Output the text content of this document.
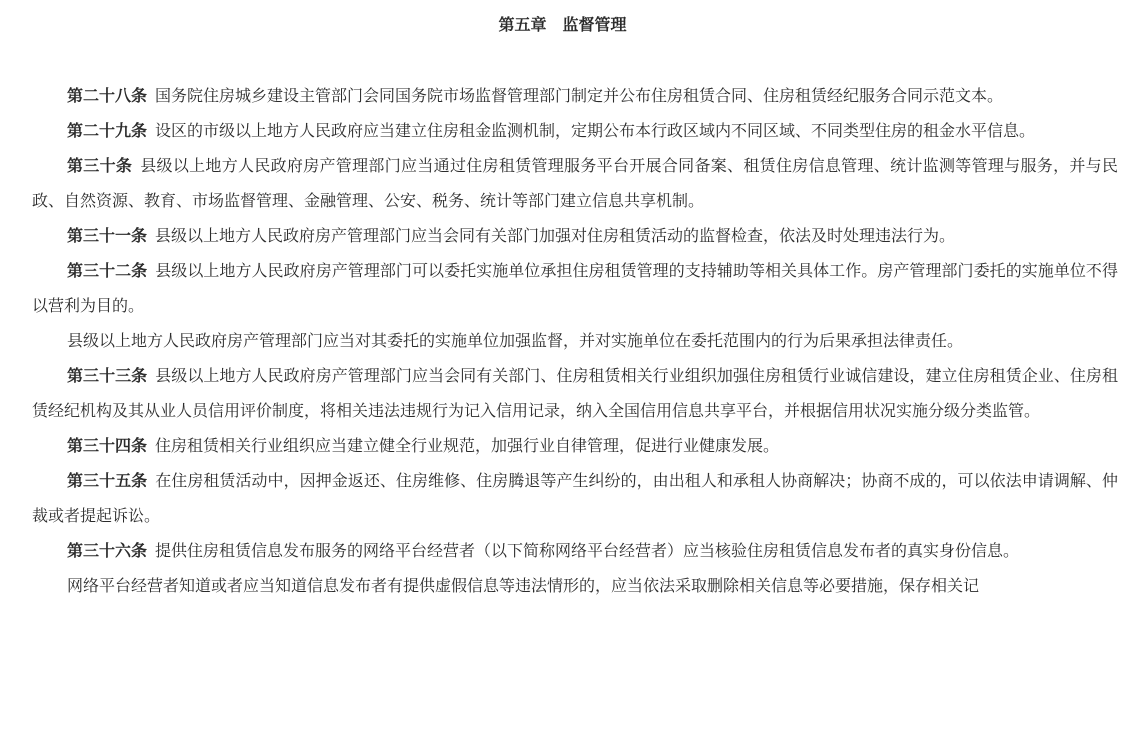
第五章　监督管理

第二十八条 国务院住房城乡建设主管部门会同国务院市场监督管理部门制定并公布住房租赁合同、住房租赁经纪服务合同示范文本。

第二十九条 设区的市级以上地方人民政府应当建立住房租金监测机制，定期公布本行政区域内不同区域、不同类型住房的租金水平信息。

第三十条 县级以上地方人民政府房产管理部门应当通过住房租赁管理服务平台开展合同备案、租赁住房信息管理、统计监测等管理与服务，并与民政、自然资源、教育、市场监督管理、金融管理、公安、税务、统计等部门建立信息共享机制。

第三十一条 县级以上地方人民政府房产管理部门应当会同有关部门加强对住房租赁活动的监督检查，依法及时处理违法行为。

第三十二条 县级以上地方人民政府房产管理部门可以委托实施单位承担住房租赁管理的支持辅助等相关具体工作。房产管理部门委托的实施单位不得以营利为目的。

县级以上地方人民政府房产管理部门应当对其委托的实施单位加强监督，并对实施单位在委托范围内的行为后果承担法律责任。

第三十三条 县级以上地方人民政府房产管理部门应当会同有关部门、住房租赁相关行业组织加强住房租赁行业诚信建设，建立住房租赁企业、住房租赁经纪机构及其从业人员信用评价制度，将相关违法违规行为记入信用记录，纳入全国信用信息共享平台，并根据信用状况实施分级分类监管。

第三十四条 住房租赁相关行业组织应当建立健全行业规范，加强行业自律管理，促进行业健康发展。

第三十五条 在住房租赁活动中，因押金返还、住房维修、住房腾退等产生纠纷的，由出租人和承租人协商解决；协商不成的，可以依法申请调解、仲裁或者提起诉讼。

第三十六条 提供住房租赁信息发布服务的网络平台经营者（以下简称网络平台经营者）应当核验住房租赁信息发布者的真实身份信息。

网络平台经营者知道或者应当知道信息发布者有提供虚假信息等违法情形的，应当依法采取删除相关信息等必要措施，保存相关记
